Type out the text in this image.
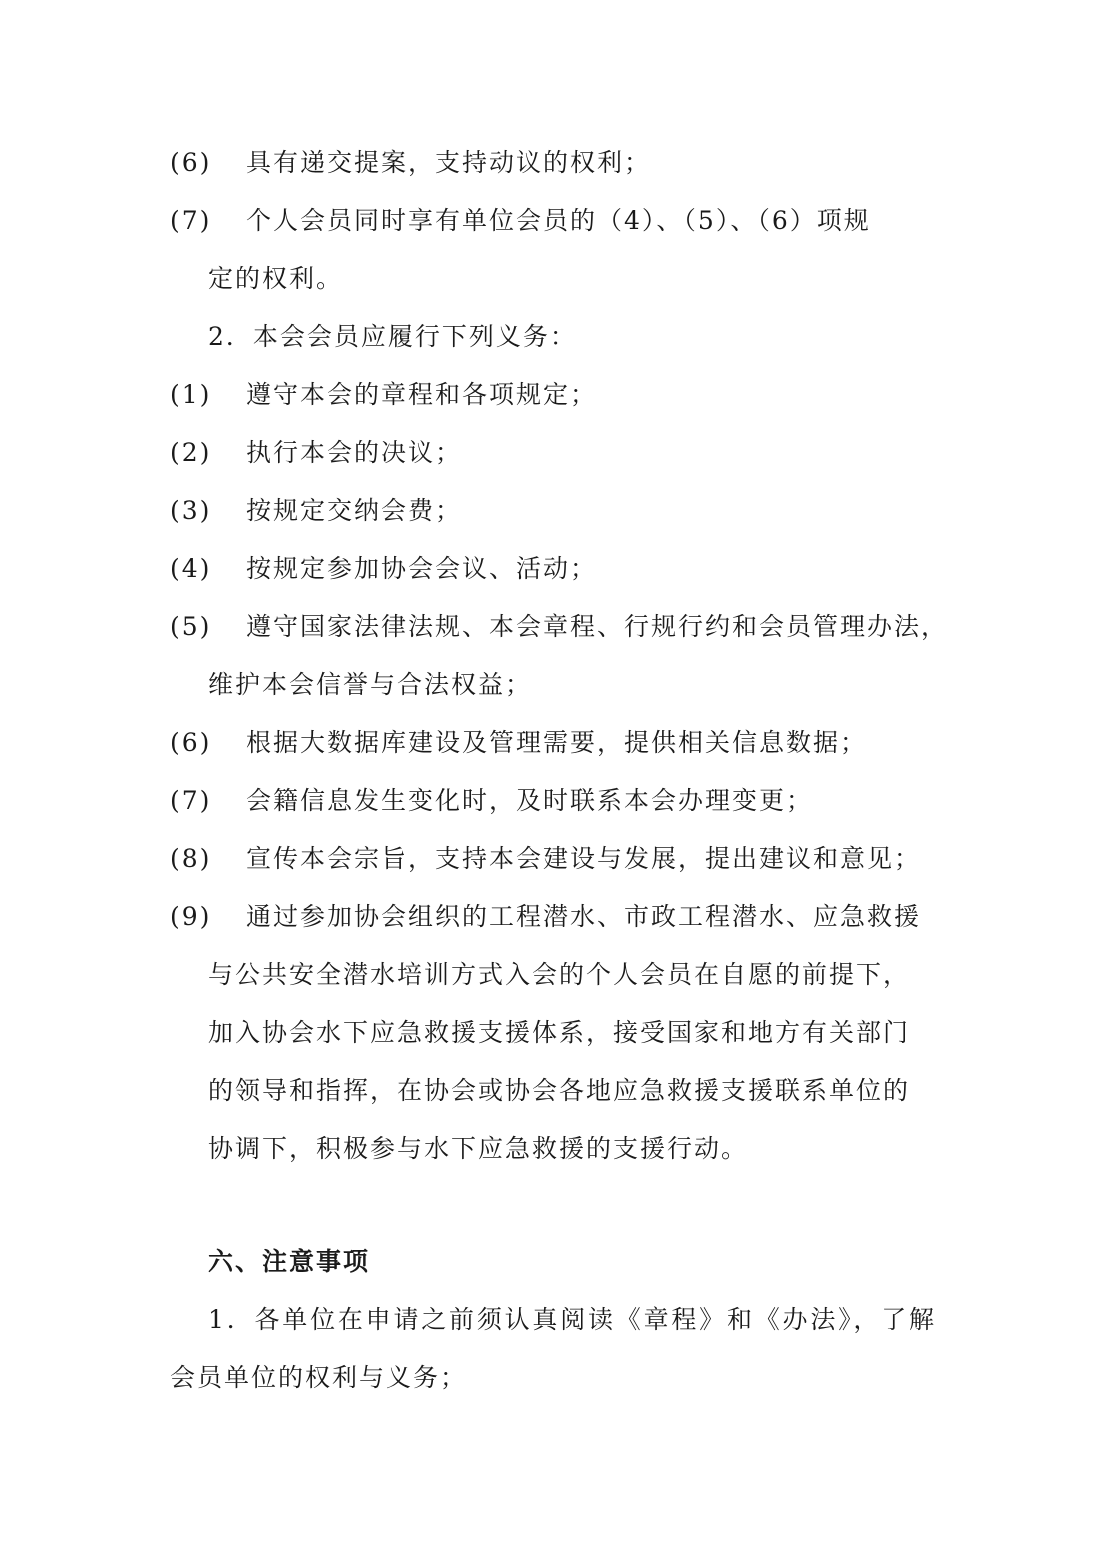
(6) 具有递交提案，支持动议的权利；
(7) 个人会员同时享有单位会员的（4）、（5）、（6）项规
定的权利。
2．本会会员应履行下列义务：
(1) 遵守本会的章程和各项规定；
(2) 执行本会的决议；
(3) 按规定交纳会费；
(4) 按规定参加协会会议、活动；
(5) 遵守国家法律法规、本会章程、行规行约和会员管理办法，
维护本会信誉与合法权益；
(6) 根据大数据库建设及管理需要，提供相关信息数据；
(7) 会籍信息发生变化时，及时联系本会办理变更；
(8) 宣传本会宗旨，支持本会建设与发展，提出建议和意见；
(9) 通过参加协会组织的工程潜水、市政工程潜水、应急救援
与公共安全潜水培训方式入会的个人会员在自愿的前提下，
加入协会水下应急救援支援体系，接受国家和地方有关部门
的领导和指挥，在协会或协会各地应急救援支援联系单位的
协调下，积极参与水下应急救援的支援行动。
六、注意事项
1．各单位在申请之前须认真阅读《章程》和《办法》，了解
会员单位的权利与义务；
